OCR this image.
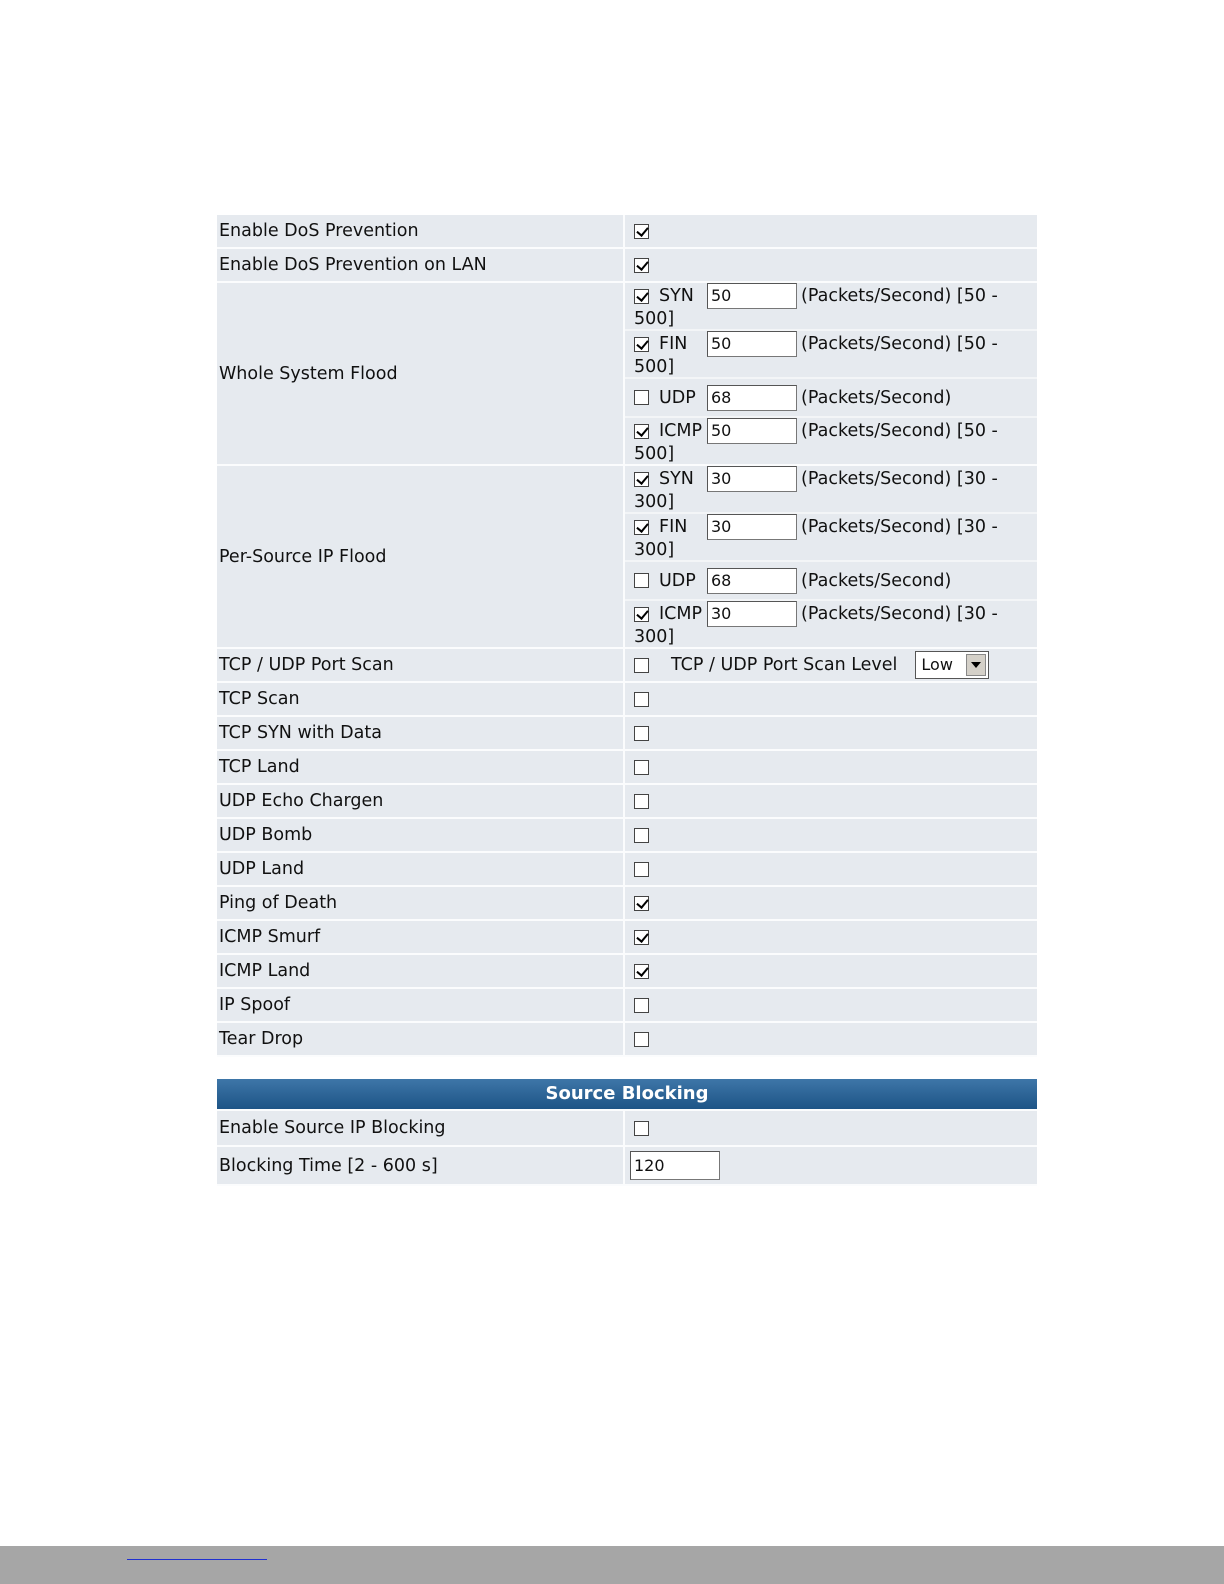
Enable DoS Prevention	
Enable DoS Prevention on LAN	
Whole System Flood	SYN 50 (Packets/Second) [50 - 500]
	FIN 50 (Packets/Second) [50 - 500]
	UDP 68 (Packets/Second)
	ICMP 50 (Packets/Second) [50 - 500]
Per-Source IP Flood	SYN 30 (Packets/Second) [30 - 300]
	FIN 30 (Packets/Second) [30 - 300]
	UDP 68 (Packets/Second)
	ICMP 30 (Packets/Second) [30 - 300]
TCP / UDP Port Scan	TCP / UDP Port Scan Level Low

TCP Scan	
TCP SYN with Data	
TCP Land	
UDP Echo Chargen	
UDP Bomb	
UDP Land	
Ping of Death	
ICMP Smurf	
ICMP Land	
IP Spoof	
Tear Drop	
Source Blocking
Enable Source IP Blocking	
Blocking Time [2 - 600 s]	120
